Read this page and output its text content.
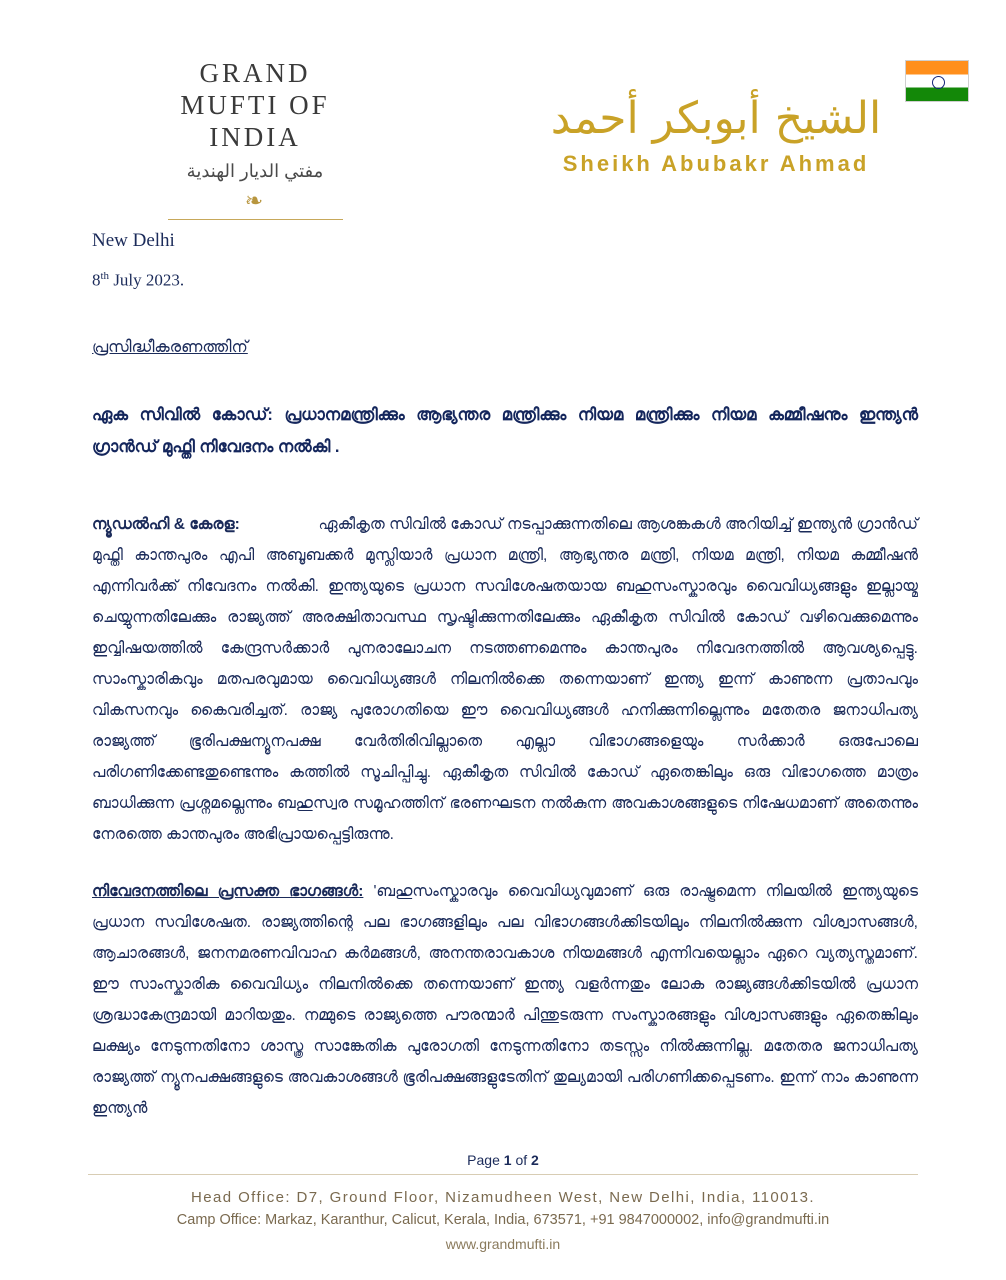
GRAND
MUFTI OF
INDIA
مفتي الديار الهندية
❧
الشيخ أبوبكر أحمد
Sheikh Abubakr Ahmad
New Delhi
8th July 2023.
പ്രസിദ്ധീകരണത്തിന്
ഏക സിവിൽ കോഡ്: പ്രധാനമന്ത്രിക്കും ആഭ്യന്തര മന്ത്രിക്കും നിയമ മന്ത്രിക്കും നിയമ കമ്മീഷനും ഇന്ത്യൻ ഗ്രാൻഡ് മുഫ്തി നിവേദനം നൽകി .

ന്യൂഡൽഹി & കേരള:	ഏകീകൃത സിവിൽ കോഡ് നടപ്പാക്കുന്നതിലെ ആശങ്കകൾ അറിയിച്ച് ഇന്ത്യൻ ഗ്രാൻഡ് മുഫ്തി കാന്തപുരം എപി അബൂബക്കർ മുസ്ലിയാർ പ്രധാന മന്ത്രി, ആഭ്യന്തര മന്ത്രി, നിയമ മന്ത്രി, നിയമ കമ്മീഷൻ എന്നിവർക്ക് നിവേദനം നൽകി. ഇന്ത്യയുടെ പ്രധാന സവിശേഷതയായ ബഹുസംസ്കാരവും വൈവിധ്യങ്ങളും ഇല്ലായ്മ ചെയ്യുന്നതിലേക്കും രാജ്യത്ത് അരക്ഷിതാവസ്ഥ സൃഷ്ടിക്കുന്നതിലേക്കും ഏകീകൃത സിവിൽ കോഡ് വഴിവെക്കുമെന്നും ഇവ്വിഷയത്തിൽ കേന്ദ്രസർക്കാർ പുനരാലോചന നടത്തണമെന്നും കാന്തപുരം നിവേദനത്തിൽ ആവശ്യപ്പെട്ടു. സാംസ്കാരികവും മതപരവുമായ വൈവിധ്യങ്ങൾ നിലനിൽക്കെ തന്നെയാണ് ഇന്ത്യ ഇന്ന് കാണുന്ന പ്രതാപവും വികസനവും കൈവരിച്ചത്. രാജ്യ പുരോഗതിയെ ഈ വൈവിധ്യങ്ങൾ ഹനിക്കുന്നില്ലെന്നും മതേതര ജനാധിപത്യ രാജ്യത്ത് ഭൂരിപക്ഷന്യൂനപക്ഷ വേർതിരിവില്ലാതെ എല്ലാ വിഭാഗങ്ങളെയും സർക്കാർ ഒരുപോലെ പരിഗണിക്കേണ്ടതുണ്ടെന്നും കത്തിൽ സൂചിപ്പിച്ചു. ഏകീകൃത സിവിൽ കോഡ് ഏതെങ്കിലും ഒരു വിഭാഗത്തെ മാത്രം ബാധിക്കുന്ന പ്രശ്നമല്ലെന്നും ബഹുസ്വര സമൂഹത്തിന് ഭരണഘടന നൽകുന്ന അവകാശങ്ങളുടെ നിഷേധമാണ് അതെന്നും നേരത്തെ കാന്തപുരം അഭിപ്രായപ്പെട്ടിരുന്നു.

നിവേദനത്തിലെ പ്രസക്ത ഭാഗങ്ങൾ: 'ബഹുസംസ്കാരവും വൈവിധ്യവുമാണ് ഒരു രാഷ്ട്രമെന്ന നിലയിൽ ഇന്ത്യയുടെ പ്രധാന സവിശേഷത. രാജ്യത്തിന്റെ പല ഭാഗങ്ങളിലും പല വിഭാഗങ്ങൾക്കിടയിലും നിലനിൽക്കുന്ന വിശ്വാസങ്ങൾ, ആചാരങ്ങൾ, ജനനമരണവിവാഹ കർമങ്ങൾ, അനന്തരാവകാശ നിയമങ്ങൾ എന്നിവയെല്ലാം ഏറെ വ്യത്യസ്തമാണ്. ഈ സാംസ്കാരിക വൈവിധ്യം നിലനിൽക്കെ തന്നെയാണ് ഇന്ത്യ വളർന്നതും ലോക രാജ്യങ്ങൾക്കിടയിൽ പ്രധാന ശ്രദ്ധാകേന്ദ്രമായി മാറിയതും. നമ്മുടെ രാജ്യത്തെ പൗരന്മാർ പിന്തുടരുന്ന സംസ്കാരങ്ങളും വിശ്വാസങ്ങളും ഏതെങ്കിലും ലക്ഷ്യം നേടുന്നതിനോ ശാസ്ത്ര സാങ്കേതിക പുരോഗതി നേടുന്നതിനോ തടസ്സം നിൽക്കുന്നില്ല. മതേതര ജനാധിപത്യ രാജ്യത്ത് ന്യൂനപക്ഷങ്ങളുടെ അവകാശങ്ങൾ ഭൂരിപക്ഷങ്ങളുടേതിന് തുല്യമായി പരിഗണിക്കപ്പെടണം. ഇന്ന് നാം കാണുന്ന ഇന്ത്യൻ

Page 1 of 2
Head Office: D7, Ground Floor, Nizamudheen West, New Delhi, India, 110013.
Camp Office: Markaz, Karanthur, Calicut, Kerala, India, 673571, +91 9847000002, info@grandmufti.in
www.grandmufti.in
